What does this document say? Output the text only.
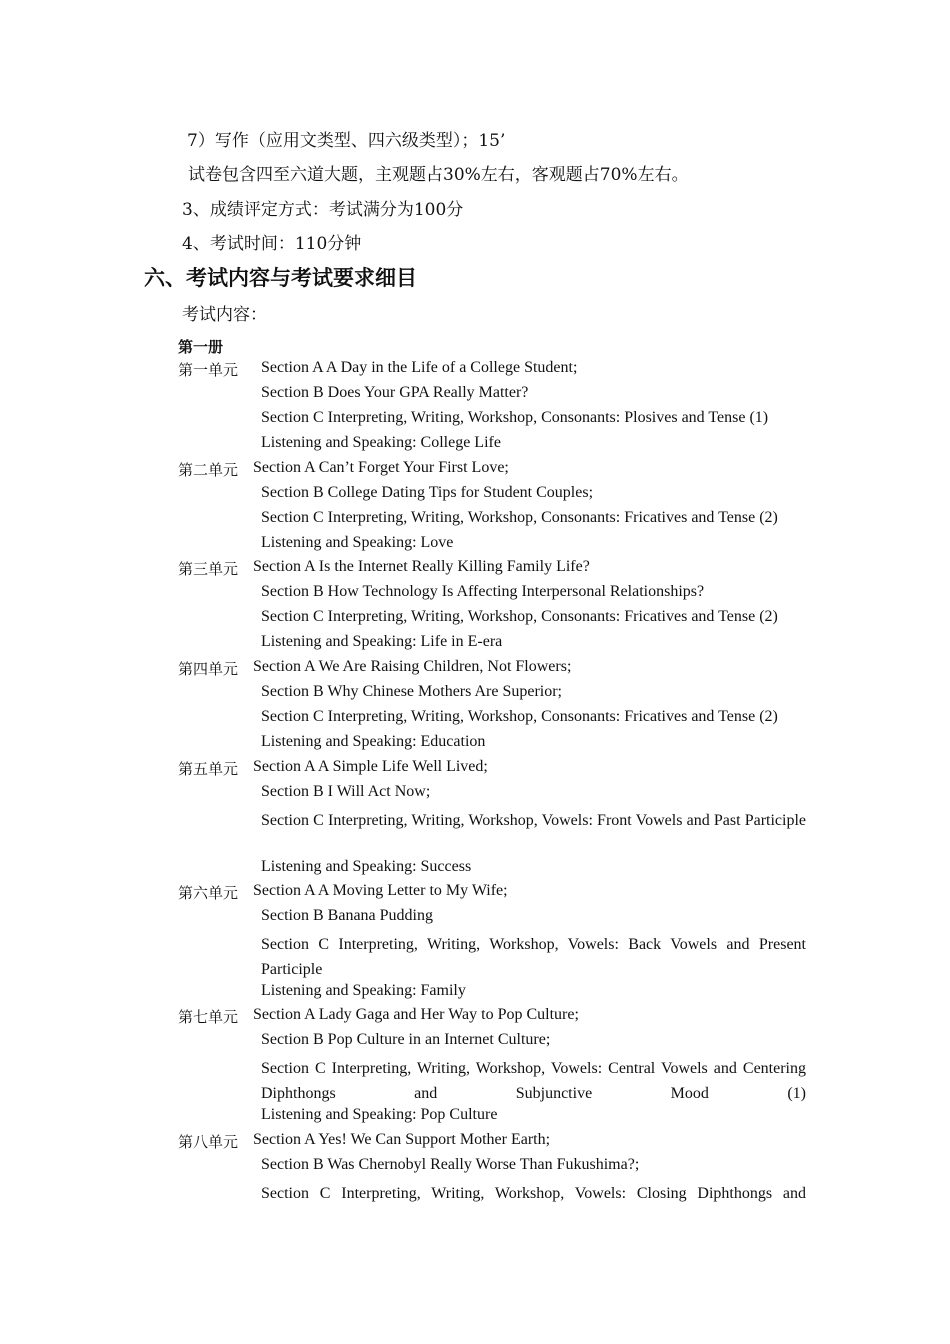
7）写作（应用文类型、四六级类型）；15’
试卷包含四至六道大题，主观题占30%左右，客观题占70%左右。
3、成绩评定方式：考试满分为100分
4、考试时间：110分钟
六、考试内容与考试要求细目
考试内容：
第一册
第一单元 Section A A Day in the Life of a College Student;
Section B Does Your GPA Really Matter?
Section C Interpreting, Writing, Workshop, Consonants: Plosives and Tense (1)
Listening and Speaking: College Life
第二单元 Section A Can’t Forget Your First Love;
Section B College Dating Tips for Student Couples;
Section C Interpreting, Writing, Workshop, Consonants: Fricatives and Tense (2)
Listening and Speaking: Love
第三单元 Section A Is the Internet Really Killing Family Life?
Section B How Technology Is Affecting Interpersonal Relationships?
Section C Interpreting, Writing, Workshop, Consonants: Fricatives and Tense (2)
Listening and Speaking: Life in E-era
第四单元 Section A We Are Raising Children, Not Flowers;
Section B Why Chinese Mothers Are Superior;
Section C Interpreting, Writing, Workshop, Consonants: Fricatives and Tense (2)
Listening and Speaking: Education
第五单元 Section A A Simple Life Well Lived;
Section B I Will Act Now;
Section C Interpreting, Writing, Workshop, Vowels: Front Vowels and Past Participle
Listening and Speaking: Success
第六单元 Section A A Moving Letter to My Wife;
Section B Banana Pudding
Section C Interpreting, Writing, Workshop, Vowels: Back Vowels and Present Participle
Listening and Speaking: Family
第七单元 Section A Lady Gaga and Her Way to Pop Culture;
Section B Pop Culture in an Internet Culture;
Section C Interpreting, Writing, Workshop, Vowels: Central Vowels and Centering Diphthongs and Subjunctive Mood (1)
Listening and Speaking: Pop Culture
第八单元 Section A Yes! We Can Support Mother Earth;
Section B Was Chernobyl Really Worse Than Fukushima?;
Section C Interpreting, Writing, Workshop, Vowels: Closing Diphthongs and
